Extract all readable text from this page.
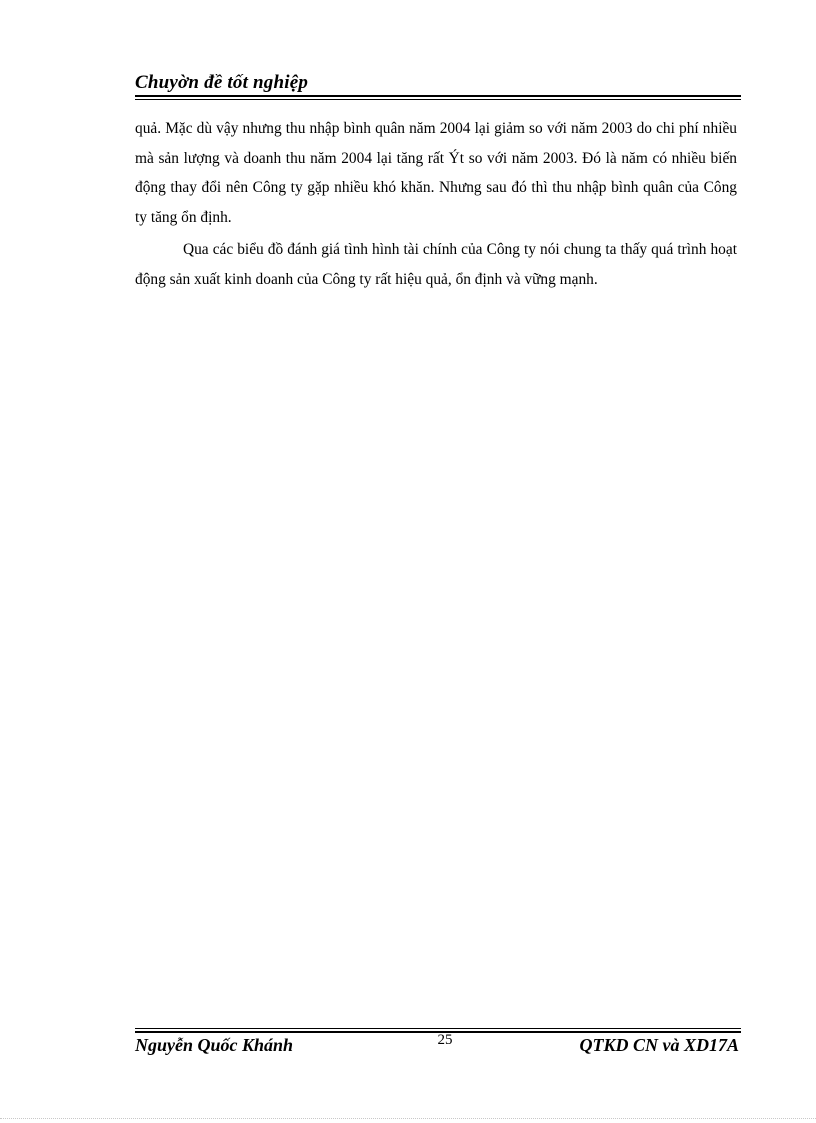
Chuyờn đề tốt nghiệp

quả. Mặc dù vậy nhưng thu nhập bình quân năm 2004 lại giảm so với năm 2003 do chi phí nhiều mà sản lượng và doanh thu năm 2004 lại tăng rất Ýt so với năm 2003. Đó là năm có nhiều biến động thay đổi nên Công ty gặp nhiều khó khăn. Nhưng sau đó thì thu nhập bình quân của Công ty tăng ổn định.

Qua các biểu đồ đánh giá tình hình tài chính của Công ty nói chung ta thấy quá trình hoạt động sản xuất kinh doanh của Công ty rất hiệu quả, ổn định và vững mạnh.

Nguyễn Quốc Khánh	25	QTKD CN và XD17A
